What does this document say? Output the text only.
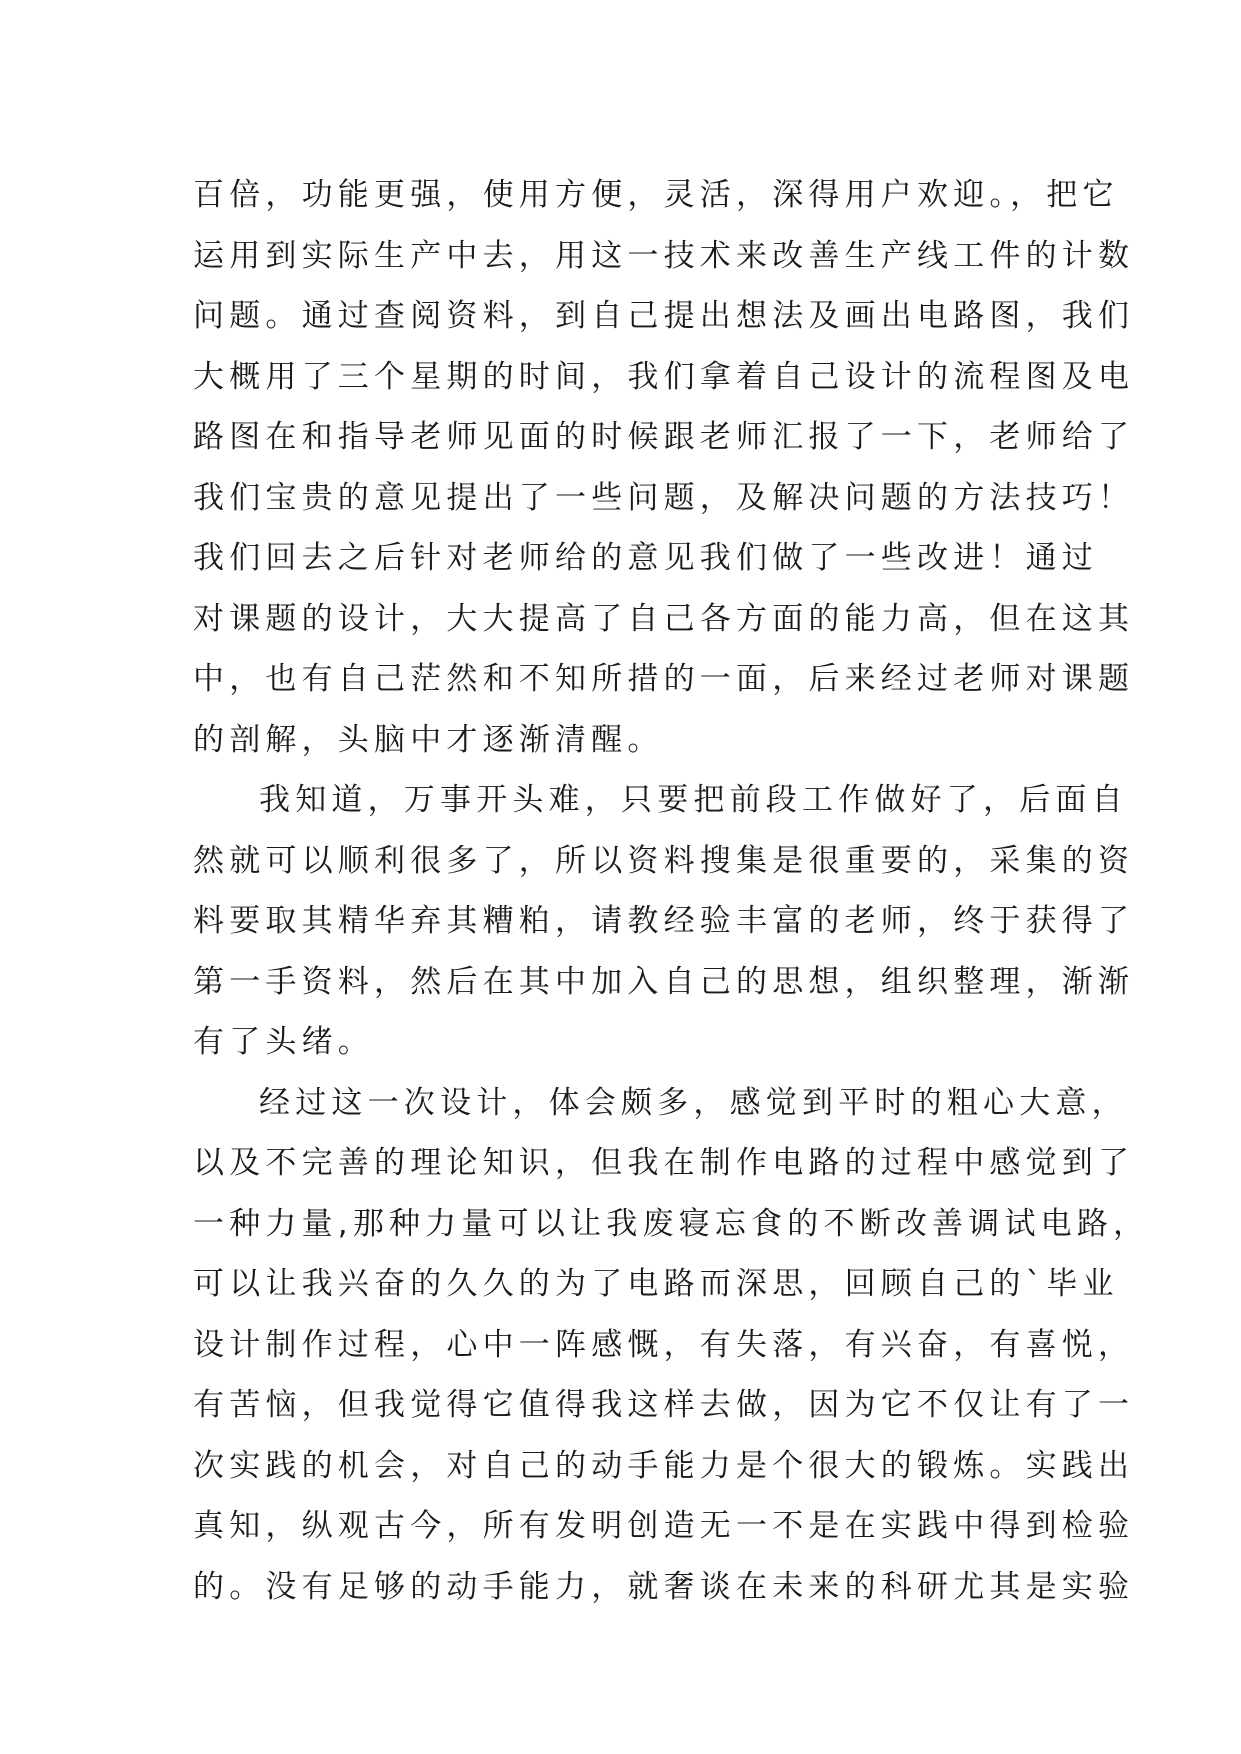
百倍，功能更强，使用方便，灵活，深得用户欢迎。，把它
运用到实际生产中去，用这一技术来改善生产线工件的计数
问题。通过查阅资料，到自己提出想法及画出电路图，我们
大概用了三个星期的时间，我们拿着自己设计的流程图及电
路图在和指导老师见面的时候跟老师汇报了一下，老师给了
我们宝贵的意见提出了一些问题，及解决问题的方法技巧！
我们回去之后针对老师给的意见我们做了一些改进！通过
对课题的设计，大大提高了自己各方面的能力高，但在这其
中，也有自己茫然和不知所措的一面，后来经过老师对课题
的剖解，头脑中才逐渐清醒。
我知道，万事开头难，只要把前段工作做好了，后面自
然就可以顺利很多了，所以资料搜集是很重要的，采集的资
料要取其精华弃其糟粕，请教经验丰富的老师，终于获得了
第一手资料，然后在其中加入自己的思想，组织整理，渐渐
有了头绪。
经过这一次设计，体会颇多，感觉到平时的粗心大意，
以及不完善的理论知识，但我在制作电路的过程中感觉到了
一种力量,那种力量可以让我废寝忘食的不断改善调试电路，
可以让我兴奋的久久的为了电路而深思，回顾自己的`毕业
设计制作过程，心中一阵感慨，有失落，有兴奋，有喜悦，
有苦恼，但我觉得它值得我这样去做，因为它不仅让有了一
次实践的机会，对自己的动手能力是个很大的锻炼。实践出
真知，纵观古今，所有发明创造无一不是在实践中得到检验
的。没有足够的动手能力，就奢谈在未来的科研尤其是实验
